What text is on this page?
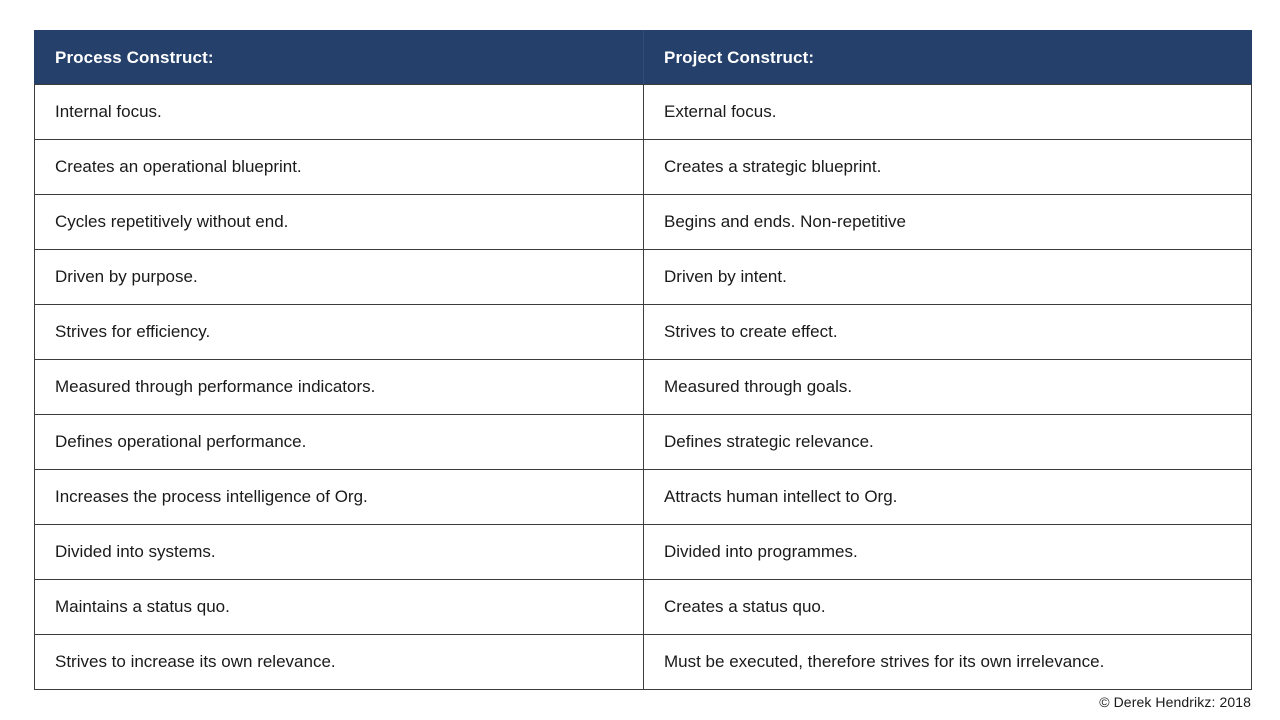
Process Construct:	Project Construct:

Internal focus.	External focus.

Creates an operational blueprint.	Creates a strategic blueprint.

Cycles repetitively without end.	Begins and ends. Non-repetitive

Driven by purpose.	Driven by intent.

Strives for efficiency.	Strives to create effect.

Measured through performance indicators.	Measured through goals.

Defines operational performance.	Defines strategic relevance.

Increases the process intelligence of Org.	Attracts human intellect to Org.

Divided into systems.	Divided into programmes.

Maintains a status quo.	Creates a status quo.

Strives to increase its own relevance.	Must be executed, therefore strives for its own irrelevance.
© Derek Hendrikz: 2018
